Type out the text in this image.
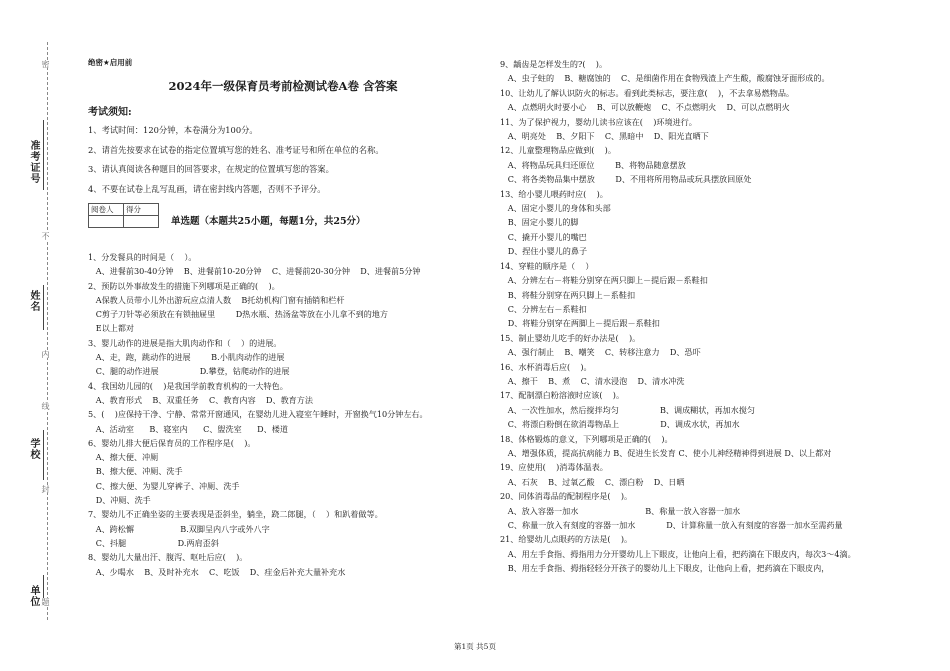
准考证号
姓名
学校
单位
密
不
内
线
封
题
绝密★启用前
2024年一级保育员考前检测试卷A卷 含答案
考试须知:
1、考试时间：120分钟，本卷满分为100分。
2、请首先按要求在试卷的指定位置填写您的姓名、准考证号和所在单位的名称。
3、请认真阅读各种题目的回答要求，在规定的位置填写您的答案。
4、不要在试卷上乱写乱画，请在密封线内答题，否则不予评分。
阅卷人	得分

单选题（本题共25小题，每题1分，共25分）
1、分发餐具的时间是（    ）。
A、进餐前30-40分钟    B、进餐前10-20分钟    C、进餐前20-30分钟    D、进餐前5分钟
2、预防以外事故发生的措施下列哪项是正确的(    )。
A保教人员带小儿外出游玩应点清人数    B托幼机构门窗有插销和栏杆
C剪子刀针等必须放在有锁抽屉里        D热水瓶、热汤盆等放在小儿拿不到的地方
E以上都对
3、婴儿动作的进展是指大肌肉动作和（    ）的进展。
A、走，跑，跳动作的进展        B.小肌肉动作的进展
C、腿的动作进展                D.攀登，钻爬动作的进展
4、我国幼儿园的(    )是我国学前教育机构的一大特色。
A、教育形式    B、双重任务    C、教育内容    D、教育方法
5、(    )应保持干净、宁静、常常开窗通风，在婴幼儿进入寝室午睡时，开窗换气10分钟左右。
A、活动室      B、寝室内      C、盥洗室      D、楼道
6、婴幼儿排大便后保育员的工作程序是(    )。
A、擦大便、冲厕
B、擦大便、冲厕、洗手
C、擦大便、为婴儿穿裤子、冲厕、洗手
D、冲厕、洗手
7、婴幼儿不正确坐姿的主要表现是歪斜坐，躺坐，跷二郎腿，（    ）和趴着做等。
A、跨松懈                  B.双脚呈内八字或外八字
C、抖腿                    D.两肩歪斜
8、婴幼儿大量出汗、腹泻、呕吐后应(    )。
A、少喝水    B、及时补充水    C、吃饭    D、疰金后补充大量补充水
9、龋齿是怎样发生的?(    )。
A、虫子蛀的    B、糖腐蚀的    C、是细菌作用在食物残渣上产生酸，酸腐蚀牙面形成的。
10、让幼儿了解认识防火的标志。看到此类标志，要注意(    )，不去拿易燃物品。
A、点燃明火时要小心    B、可以放鞭炮    C、不点燃明火    D、可以点燃明火
11、为了保护视力，婴幼儿读书应该在(    )环境进行。
A、明亮处    B、夕阳下    C、黑暗中    D、阳光直晒下
12、儿童整理物品应做到(    )。
A、将物品玩具归还原位        B、将物品随意摆放
C、将各类物品集中摆放        D、不用将所用物品或玩具摆放回原处
13、给小婴儿喂药时应(    )。
A、固定小婴儿的身体和头部
B、固定小婴儿的脚
C、撬开小婴儿的嘴巴
D、捏住小婴儿的鼻子
14、穿鞋的顺序是（    ）
A、分辨左右－将鞋分别穿在两只脚上－提后跟－系鞋扣
B、将鞋分别穿在两只脚上－系鞋扣
C、分辨左右－系鞋扣
D、将鞋分别穿在两脚上－提后跟－系鞋扣
15、制止婴幼儿吃手的好办法是(    )。
A、强行制止    B、嘲笑    C、转移注意力    D、恐吓
16、水杯消毒后应(    )。
A、擦干    B、煮    C、清水浸泡    D、清水冲洗
17、配制漂白粉溶液时应该(    )。
A、一次性加水，然后搅拌均匀                B、调成糊状，再加水搅匀
C、将漂白粉倒在欲消毒物品上                D、调成水状，再加水
18、体格锻炼的意义，下列哪项是正确的(    )。
A、增强体质，提高抗病能力 B、促进生长发育 C、使小儿神经精神得到进展 D、以上都对
19、应使用(    )消毒体温表。
A、石灰    B、过氧乙酸    C、漂白粉    D、日晒
20、同体消毒品的配制程序是(    )。
A、放入容器一加水                          B、称量一放入容器一加水
C、称量一放入有刻度的容器一加水            D、计算称量一放入有刻度的容器一加水至需药量
21、给婴幼儿点眼药的方法是(    )。
A、用左手食指、拇指用力分开婴幼儿上下眼皮，让他向上看，把药滴在下眼皮内，每次3～4滴。
B、用左手食指、拇指轻轻分开孩子的婴幼儿上下眼皮，让他向上看，把药滴在下眼皮内，
第1页 共5页
